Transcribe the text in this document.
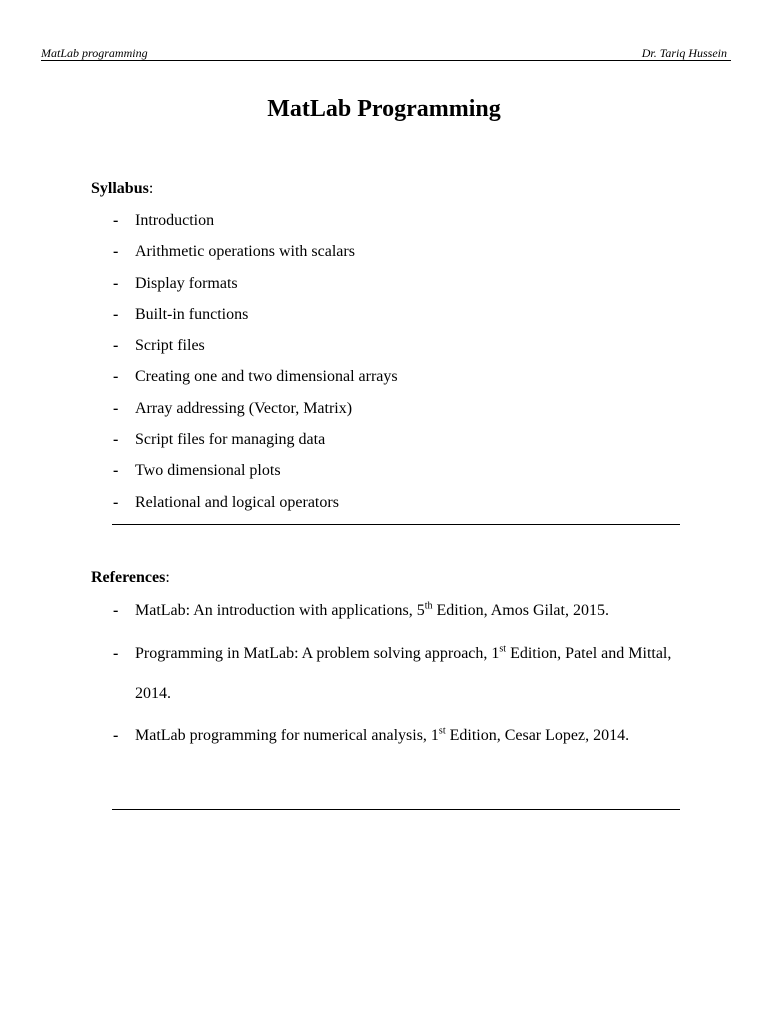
MatLab programming	Dr. Tariq Hussein
MatLab Programming
Syllabus:
- Introduction
- Arithmetic operations with scalars
- Display formats
- Built-in functions
- Script files
- Creating one and two dimensional arrays
- Array addressing (Vector, Matrix)
- Script files for managing data
- Two dimensional plots
- Relational and logical operators
References:
- MatLab: An introduction with applications, 5th Edition, Amos Gilat, 2015.
- Programming in MatLab: A problem solving approach, 1st Edition, Patel and Mittal, 2014.
- MatLab programming for numerical analysis, 1st Edition, Cesar Lopez, 2014.
